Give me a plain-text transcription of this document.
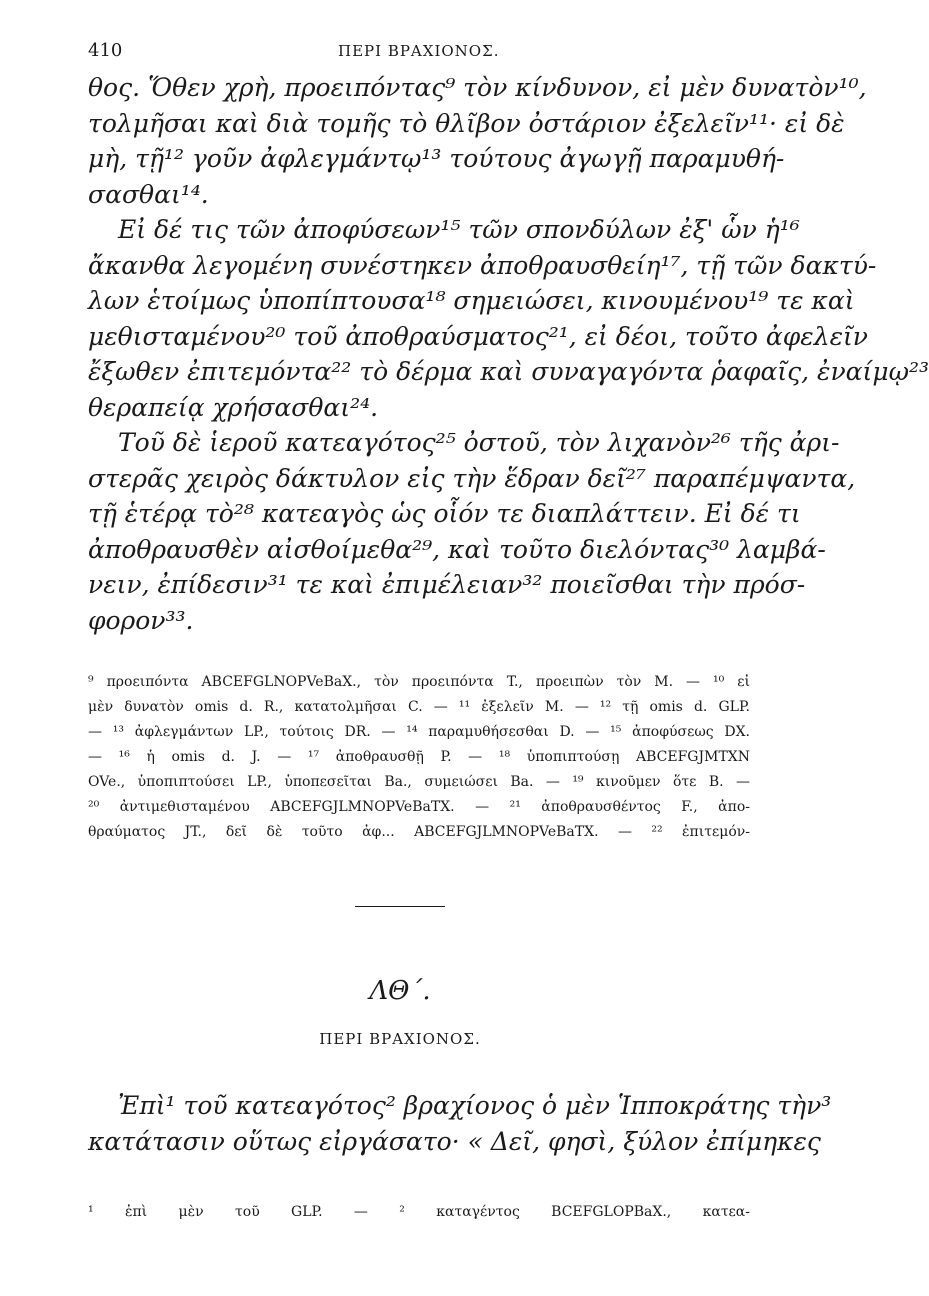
410	ΠΕΡΙ ΒΡΑΧΙΟΝΟΣ.
θος. Ὅθεν χρὴ, προειπόντας⁹ τὸν κίνδυνον, εἰ μὲν δυνατὸν¹⁰,
τολμῆσαι καὶ διὰ τομῆς τὸ θλῖβον ὀστάριον ἐξελεῖν¹¹· εἰ δὲ
μὴ, τῇ¹² γοῦν ἀφλεγμάντῳ¹³ τούτους ἀγωγῇ παραμυθή-
σασθαι¹⁴.
Εἰ δέ τις τῶν ἀποφύσεων¹⁵ τῶν σπονδύλων ἐξ' ὧν ἡ¹⁶
ἄκανθα λεγομένη συνέστηκεν ἀποθραυσθείη¹⁷, τῇ τῶν δακτύ-
λων ἑτοίμως ὑποπίπτουσα¹⁸ σημειώσει, κινουμένου¹⁹ τε καὶ
μεθισταμένου²⁰ τοῦ ἀποθραύσματος²¹, εἰ δέοι, τοῦτο ἀφελεῖν
ἔξωθεν ἐπιτεμόντα²² τὸ δέρμα καὶ συναγαγόντα ῥαφαῖς, ἐναίμῳ²³
θεραπείᾳ χρήσασθαι²⁴.
Τοῦ δὲ ἱεροῦ κατεαγότος²⁵ ὀστοῦ, τὸν λιχανὸν²⁶ τῆς ἀρι-
στερᾶς χειρὸς δάκτυλον εἰς τὴν ἕδραν δεῖ²⁷ παραπέμψαντα,
τῇ ἑτέρᾳ τὸ²⁸ κατεαγὸς ὡς οἷόν τε διαπλάττειν. Εἰ δέ τι
ἀποθραυσθὲν αἰσθοίμεθα²⁹, καὶ τοῦτο διελόντας³⁰ λαμβά-
νειν, ἐπίδεσιν³¹ τε καὶ ἐπιμέλειαν³² ποιεῖσθαι τὴν πρόσ-
φορον³³.
⁹ προειπόντα ABCEFGLNOPVeBaX., τὸν προειπόντα T., προειπὼν τὸν M. — ¹⁰ εἰ
μὲν δυνατὸν omis d. R., κατατολμῆσαι C. — ¹¹ ἐξελεῖν M. — ¹² τῇ omis d. GLP.
— ¹³ ἀφλεγμάντων LP., τούτοις DR. — ¹⁴ παραμυθήσεσθαι D. — ¹⁵ ἀποφύσεως DX.
— ¹⁶ ἡ omis d. J. — ¹⁷ ἀποθραυσθῇ P. — ¹⁸ ὑποπιπτούσῃ ABCEFGJMTXN
OVe., ὑποπιπτούσει LP., ὑποπεσεῖται Ba., συμειώσει Ba. — ¹⁹ κινοῦμεν ὅτε B. —
²⁰ ἀντιμεθισταμένου ABCEFGJLMNOPVeBaTX. — ²¹ ἀποθραυσθέντος F., ἀπο-
θραύματος JT., δεῖ δὲ τοῦτο ἀφ... ABCEFGJLMNOPVeBaTX. — ²² ἐπιτεμόν-
ΛΘ΄.
ΠΕΡΙ ΒΡΑΧΙΟΝΟΣ.
Ἐπὶ¹ τοῦ κατεαγότος² βραχίονος ὁ μὲν Ἱπποκράτης τὴν³
κατάτασιν οὕτως εἰργάσατο· « Δεῖ, φησὶ, ξύλον ἐπίμηκες
¹ ἐπὶ μὲν τοῦ GLP. — ² καταγέντος BCEFGLOPBaX., κατεα-
